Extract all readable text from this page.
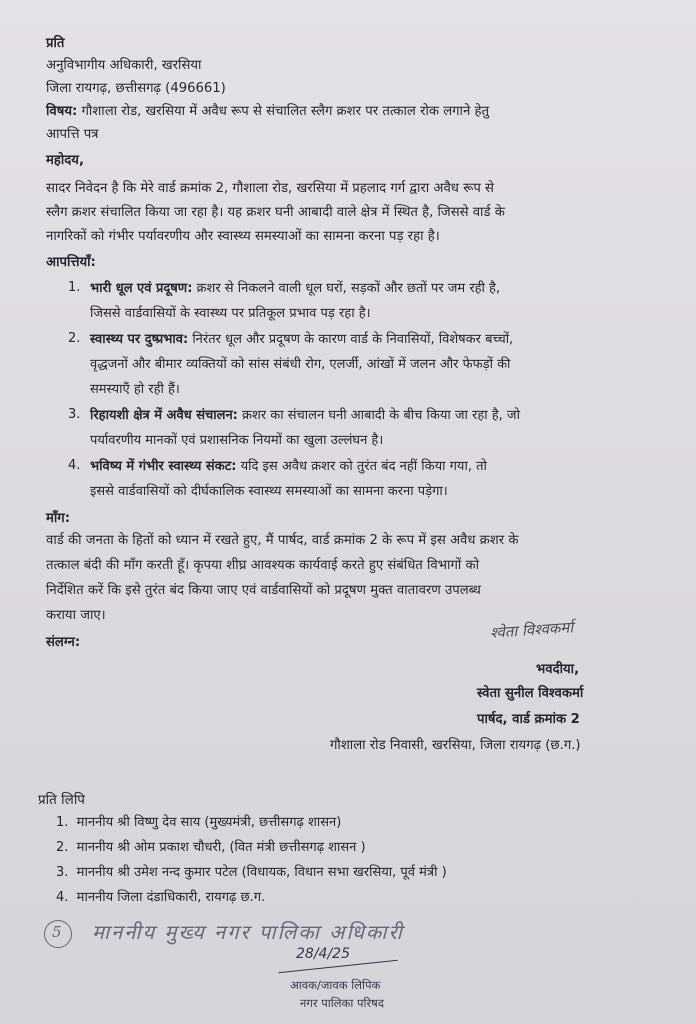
प्रति
अनुविभागीय अधिकारी, खरसिया
जिला रायगढ़, छत्तीसगढ़ (496661)
विषय: गौशाला रोड, खरसिया में अवैध रूप से संचालित स्लैग क्रशर पर तत्काल रोक लगाने हेतु
आपत्ति पत्र
महोदय,
सादर निवेदन है कि मेरे वार्ड क्रमांक 2, गौशाला रोड, खरसिया में प्रहलाद गर्ग द्वारा अवैध रूप से
स्लैग क्रशर संचालित किया जा रहा है। यह क्रशर घनी आबादी वाले क्षेत्र में स्थित है, जिससे वार्ड के
नागरिकों को गंभीर पर्यावरणीय और स्वास्थ्य समस्याओं का सामना करना पड़ रहा है।
आपत्तियाँ:
1. भारी धूल एवं प्रदूषण: क्रशर से निकलने वाली धूल घरों, सड़कों और छतों पर जम रही है,
जिससे वार्डवासियों के स्वास्थ्य पर प्रतिकूल प्रभाव पड़ रहा है।
2. स्वास्थ्य पर दुष्प्रभाव: निरंतर धूल और प्रदूषण के कारण वार्ड के निवासियों, विशेषकर बच्चों,
वृद्धजनों और बीमार व्यक्तियों को सांस संबंधी रोग, एलर्जी, आंखों में जलन और फेफड़ों की
समस्याएँ हो रही हैं।
3. रिहायशी क्षेत्र में अवैध संचालन: क्रशर का संचालन घनी आबादी के बीच किया जा रहा है, जो
पर्यावरणीय मानकों एवं प्रशासनिक नियमों का खुला उल्लंघन है।
4. भविष्य में गंभीर स्वास्थ्य संकट: यदि इस अवैध क्रशर को तुरंत बंद नहीं किया गया, तो
इससे वार्डवासियों को दीर्घकालिक स्वास्थ्य समस्याओं का सामना करना पड़ेगा।
माँग:
वार्ड की जनता के हितों को ध्यान में रखते हुए, मैं पार्षद, वार्ड क्रमांक 2 के रूप में इस अवैध क्रशर के
तत्काल बंदी की माँग करती हूँ। कृपया शीघ्र आवश्यक कार्यवाई करते हुए संबंधित विभागों को
निर्देशित करें कि इसे तुरंत बंद किया जाए एवं वार्डवासियों को प्रदूषण मुक्त वातावरण उपलब्ध
कराया जाए।
संलग्न:
श्वेता विश्वकर्मा
भवदीया,
स्वेता सुनील विश्वकर्मा
पार्षद, वार्ड क्रमांक 2
गौशाला रोड निवासी, खरसिया, जिला रायगढ़ (छ.ग.)
प्रति लिपि
1. माननीय श्री विष्णु देव साय (मुख्यमंत्री, छत्तीसगढ़ शासन)
2. माननीय श्री ओम प्रकाश चौधरी, (वित मंत्री छत्तीसगढ़ शासन )
3. माननीय श्री उमेश नन्द कुमार पटेल (विधायक, विधान सभा खरसिया, पूर्व मंत्री )
4. माननीय जिला दंडाधिकारी, रायगढ़ छ.ग.
5 माननीय मुख्य नगर पालिका अधिकारी
28/4/25
आवक/जावक लिपिक
नगर पालिका परिषद
